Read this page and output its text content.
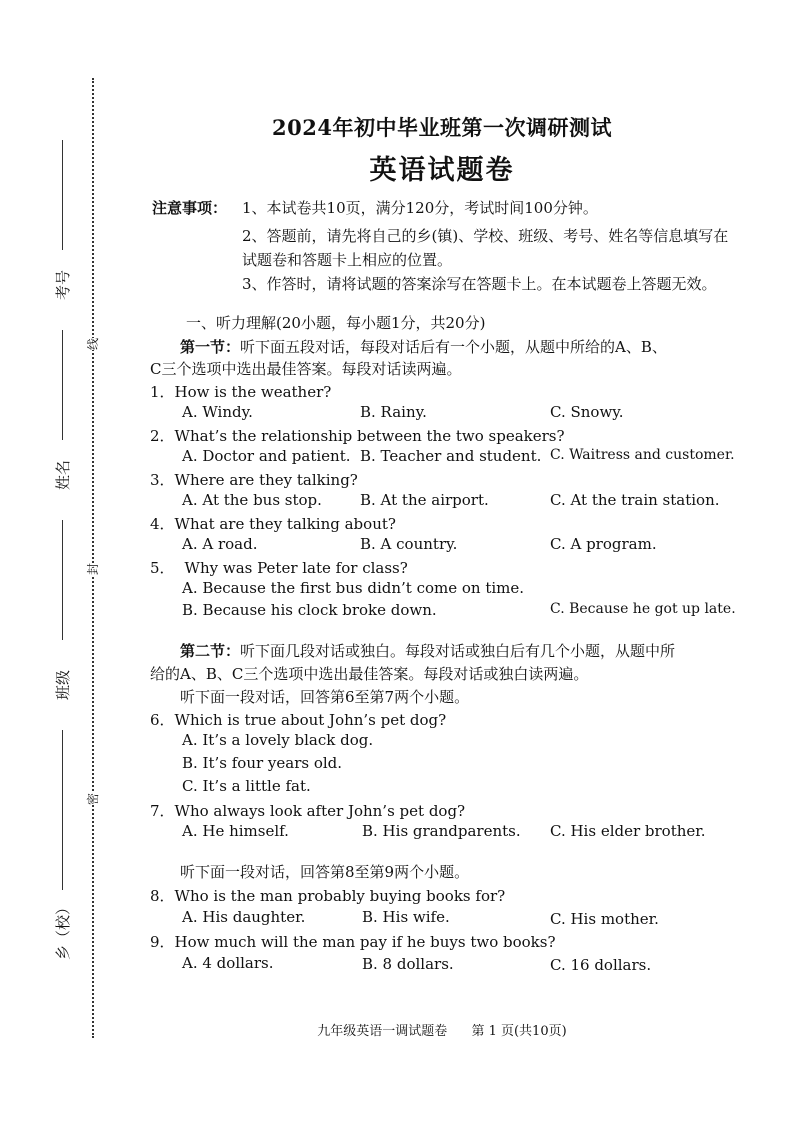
考号
姓名
班级
乡（校）
线
封
密
2024年初中毕业班第一次调研测试
英语试题卷
注意事项： 1、本试卷共10页，满分120分，考试时间100分钟。
2、答题前，请先将自己的乡(镇)、学校、班级、考号、姓名等信息填写在试题卷和答题卡上相应的位置。
3、作答时，请将试题的答案涂写在答题卡上。在本试题卷上答题无效。
一、听力理解(20小题，每小题1分，共20分)
第一节：听下面五段对话，每段对话后有一个小题，从题中所给的A、B、
C三个选项中选出最佳答案。每段对话读两遍。
1．How is the weather?
A. Windy.	B. Rainy.	C. Snowy.
2．What’s the relationship between the two speakers?
A. Doctor and patient. B. Teacher and student. C. Waitress and customer.
3．Where are they talking?
A. At the bus stop.	B. At the airport.	C. At the train station.
4．What are they talking about?
A. A road.	B. A country.	C. A program.
5． Why was Peter late for class?
A. Because the first bus didn’t come on time.
B. Because his clock broke down.	C. Because he got up late.
第二节：听下面几段对话或独白。每段对话或独白后有几个小题，从题中所
给的A、B、C三个选项中选出最佳答案。每段对话或独白读两遍。
听下面一段对话，回答第6至第7两个小题。
6．Which is true about John’s pet dog?
A. It’s a lovely black dog.
B. It’s four years old.
C. It’s a little fat.
7．Who always look after John’s pet dog?
A. He himself.	B. His grandparents. C. His elder brother.
听下面一段对话，回答第8至第9两个小题。
8．Who is the man probably buying books for?
A. His daughter.	B. His wife.	C. His mother.
9．How much will the man pay if he buys two books?
A. 4 dollars.	B. 8 dollars.	C. 16 dollars.
九年级英语一调试题卷 第 1 页(共10页)
